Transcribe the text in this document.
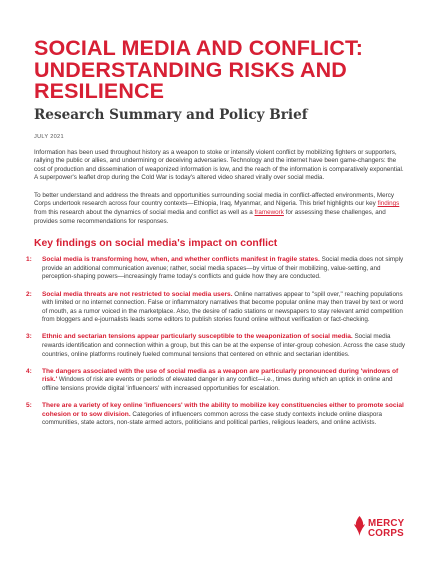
SOCIAL MEDIA AND CONFLICT: UNDERSTANDING RISKS AND RESILIENCE
Research Summary and Policy Brief
JULY 2021

Information has been used throughout history as a weapon to stoke or intensify violent conflict by mobilizing fighters or supporters, rallying the public or allies, and undermining or deceiving adversaries. Technology and the internet have been game-changers: the cost of production and dissemination of weaponized information is low, and the reach of the information is comparatively exponential. A superpower's leaflet drop during the Cold War is today's altered video shared virally over social media.

To better understand and address the threats and opportunities surrounding social media in conflict-affected environments, Mercy Corps undertook research across four country contexts—Ethiopia, Iraq, Myanmar, and Nigeria. This brief highlights our key findings from this research about the dynamics of social media and conflict as well as a framework for assessing these challenges, and provides some recommendations for responses.

Key findings on social media's impact on conflict
1: Social media is transforming how, when, and whether conflicts manifest in fragile states. Social media does not simply provide an additional communication avenue; rather, social media spaces—by virtue of their mobilizing, value-setting, and perception-shaping powers—increasingly frame today's conflicts and guide how they are conducted.
2: Social media threats are not restricted to social media users. Online narratives appear to "spill over," reaching populations with limited or no internet connection. False or inflammatory narratives that become popular online may then travel by text or word of mouth, as a rumor voiced in the marketplace. Also, the desire of radio stations or newspapers to stay relevant amid competition from bloggers and e-journalists leads some editors to publish stories found online without verification or fact-checking.
3: Ethnic and sectarian tensions appear particularly susceptible to the weaponization of social media. Social media rewards identification and connection within a group, but this can be at the expense of inter-group cohesion. Across the case study countries, online platforms routinely fueled communal tensions that centered on ethnic and sectarian identities.
4: The dangers associated with the use of social media as a weapon are particularly pronounced during 'windows of risk.' Windows of risk are events or periods of elevated danger in any conflict—i.e., times during which an uptick in online and offline tensions provide digital 'influencers' with increased opportunities for escalation.
5: There are a variety of key online 'influencers' with the ability to mobilize key constituencies either to promote social cohesion or to sow division. Categories of influencers common across the case study contexts include online diaspora communities, state actors, non-state armed actors, politicians and political parties, religious leaders, and online activists.
MERCY
CORPS
